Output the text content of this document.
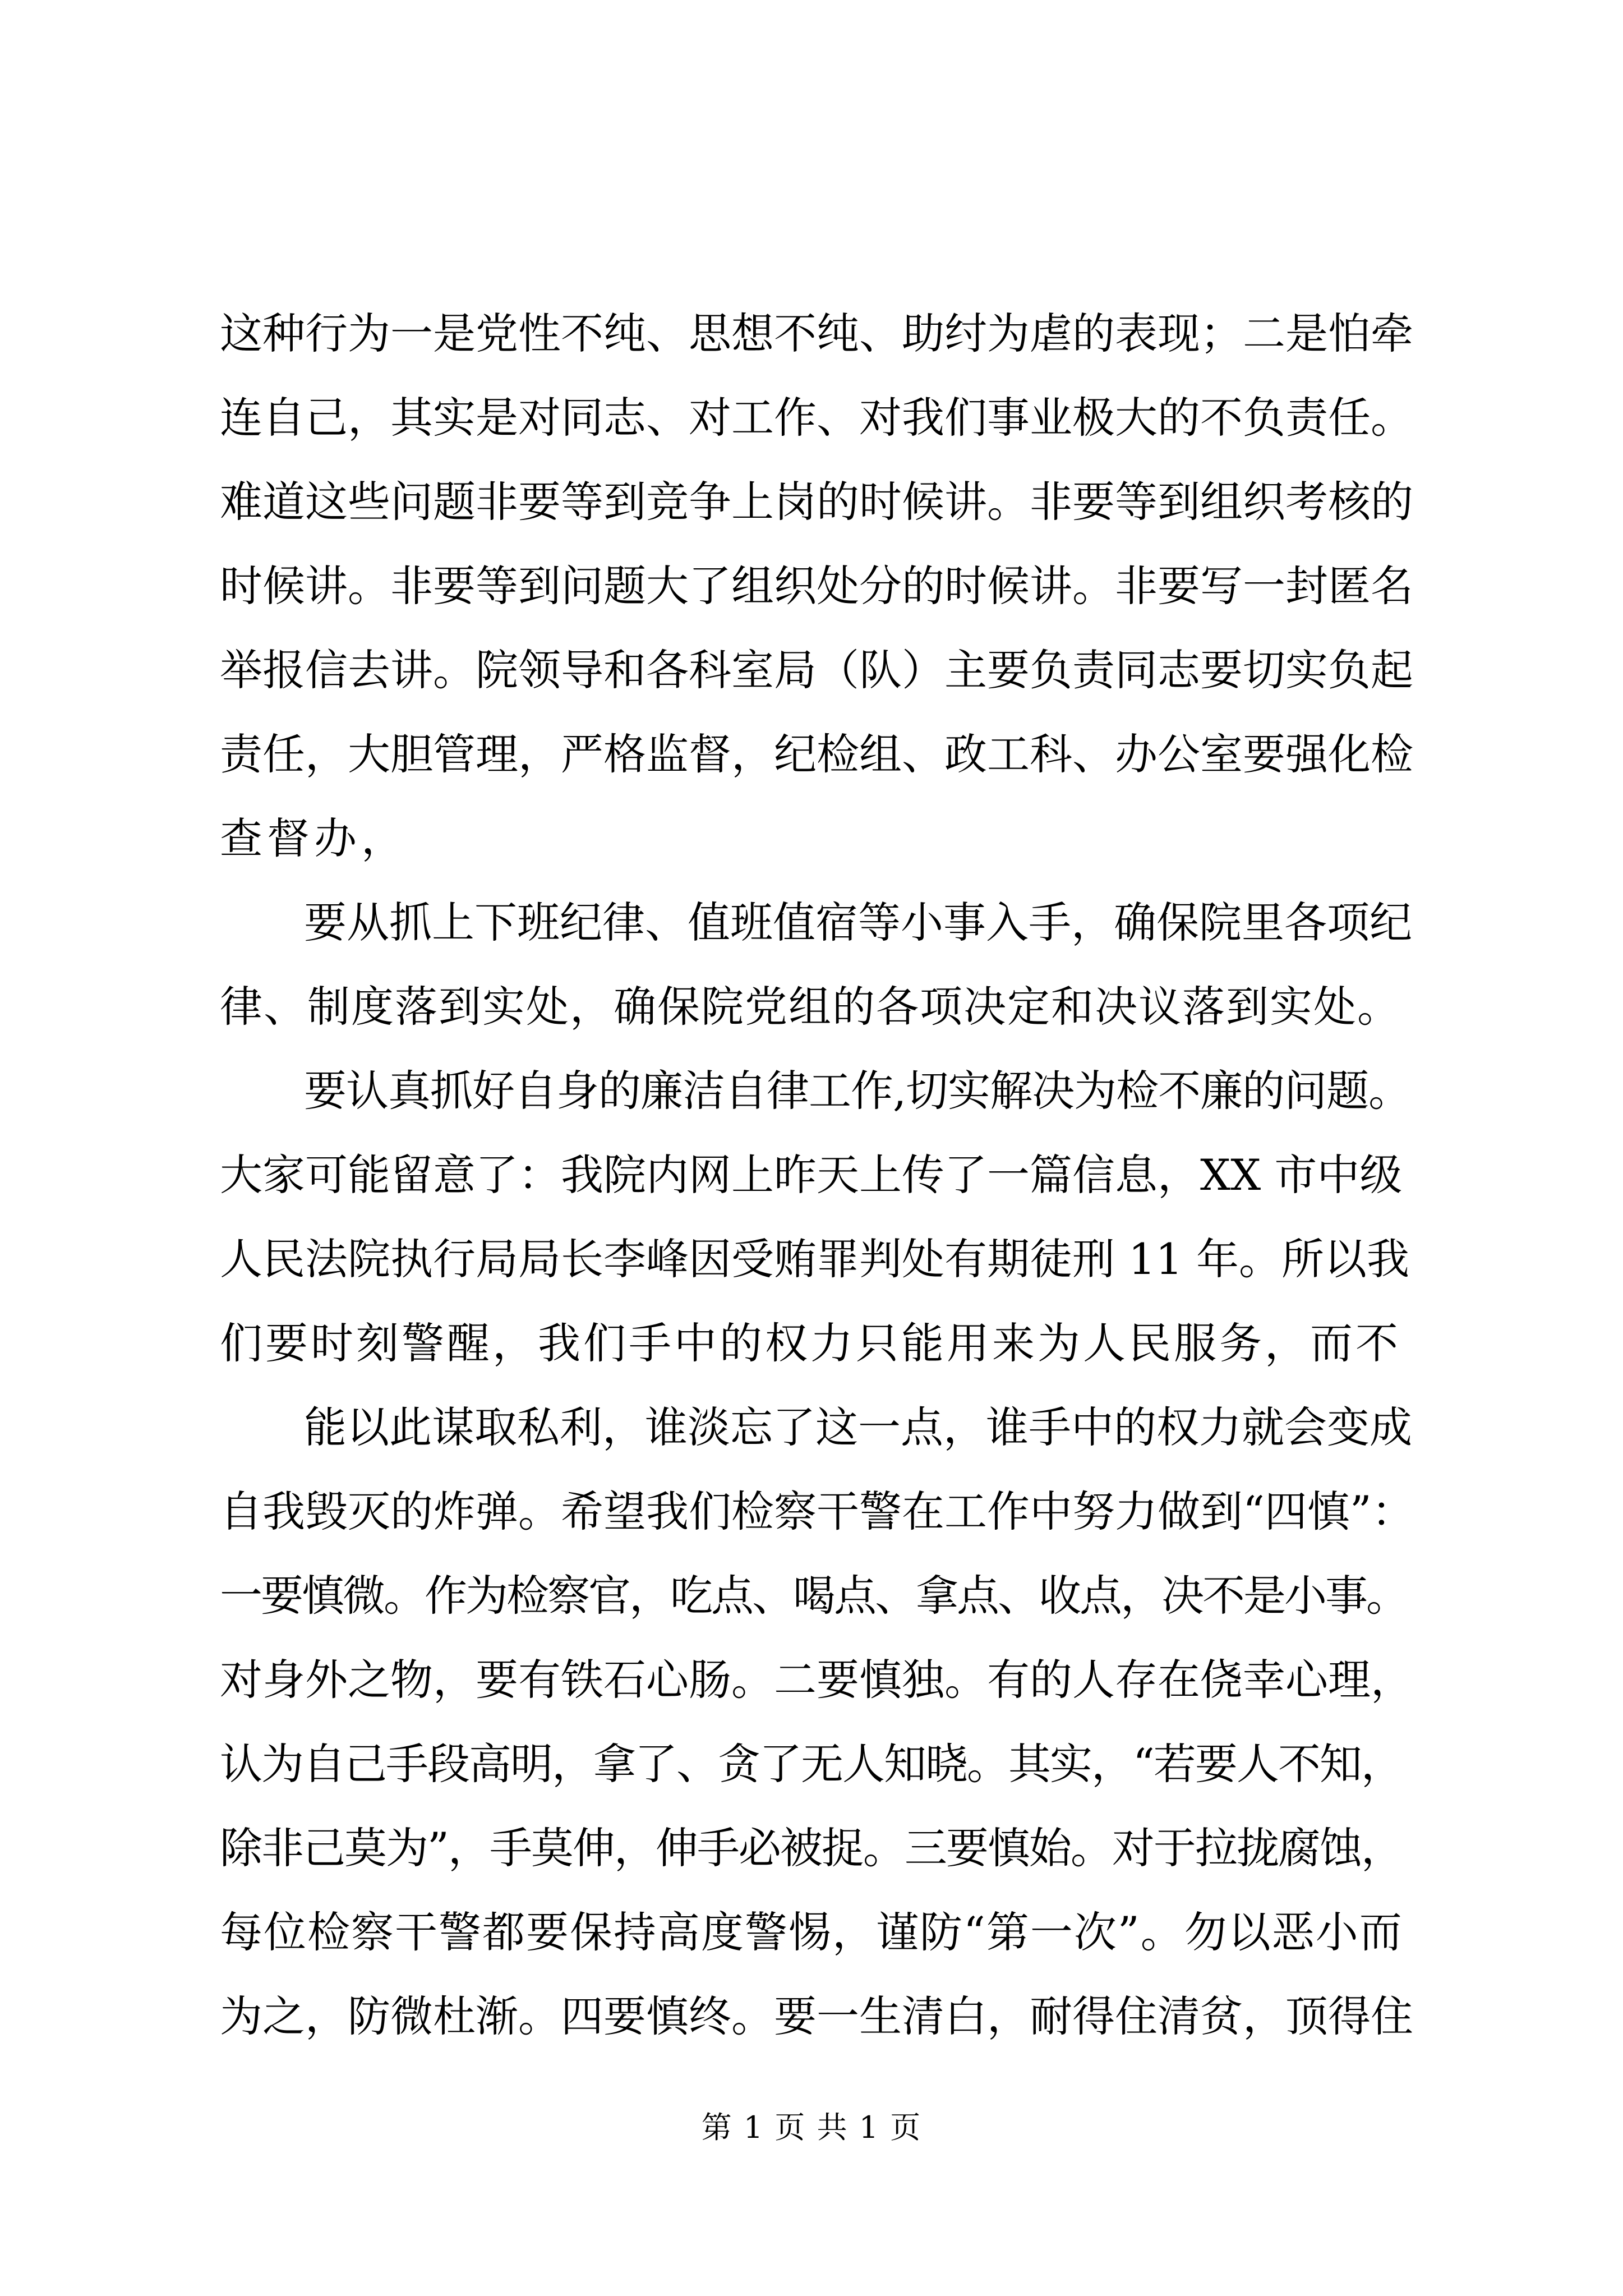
这种行为一是党性不纯、思想不纯、助纣为虐的表现；二是怕牵
连自己，其实是对同志、对工作、对我们事业极大的不负责任。
难道这些问题非要等到竞争上岗的时候讲。非要等到组织考核的
时候讲。非要等到问题大了组织处分的时候讲。非要写一封匿名
举报信去讲。院领导和各科室局（队）主要负责同志要切实负起
责任，大胆管理，严格监督，纪检组、政工科、办公室要强化检
查督办，
要从抓上下班纪律、值班值宿等小事入手，确保院里各项纪
律、制度落到实处，确保院党组的各项决定和决议落到实处。
要认真抓好自身的廉洁自律工作,切实解决为检不廉的问题。
大家可能留意了：我院内网上昨天上传了一篇信息，XX 市中级
人民法院执行局局长李峰因受贿罪判处有期徒刑 11 年。所以我
们要时刻警醒，我们手中的权力只能用来为人民服务，而不
能以此谋取私利，谁淡忘了这一点，谁手中的权力就会变成
自我毁灭的炸弹。希望我们检察干警在工作中努力做到“四慎”：
一要慎微。作为检察官，吃点、喝点、拿点、收点，决不是小事。
对身外之物，要有铁石心肠。二要慎独。有的人存在侥幸心理，
认为自己手段高明，拿了、贪了无人知晓。其实，“若要人不知，
除非己莫为”，手莫伸，伸手必被捉。三要慎始。对于拉拢腐蚀，
每位检察干警都要保持高度警惕，谨防“第一次”。勿以恶小而
为之，防微杜渐。四要慎终。要一生清白，耐得住清贫，顶得住
第 1 页 共 1 页
